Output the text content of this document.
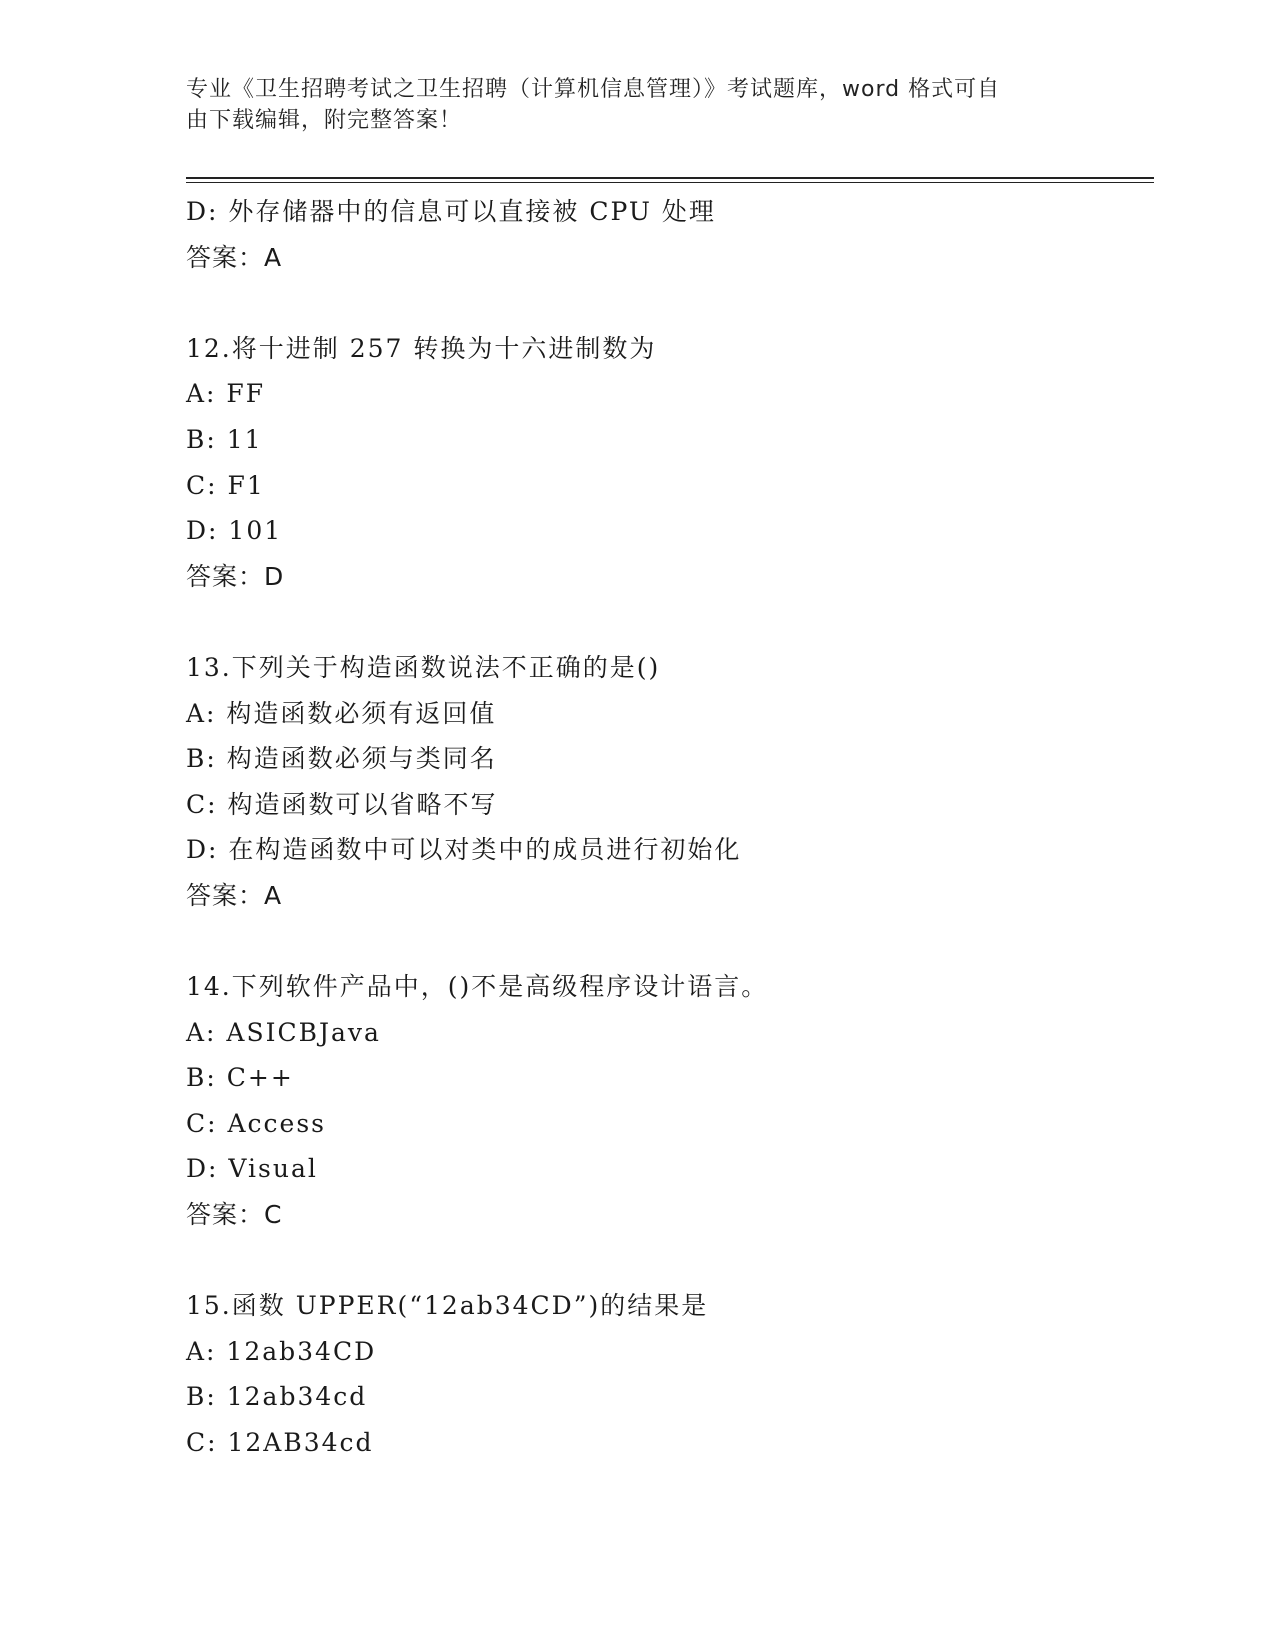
专业《卫生招聘考试之卫生招聘（计算机信息管理）》考试题库，word 格式可自
由下载编辑，附完整答案！
D: 外存储器中的信息可以直接被 CPU 处理
答案：A
12.将十进制 257 转换为十六进制数为
A: FF
B: 11
C: F1
D: 101
答案：D
13.下列关于构造函数说法不正确的是()
A: 构造函数必须有返回值
B: 构造函数必须与类同名
C: 构造函数可以省略不写
D: 在构造函数中可以对类中的成员进行初始化
答案：A
14.下列软件产品中，()不是高级程序设计语言。
A: ASICBJava
B: C++
C: Access
D: Visual
答案：C
15.函数 UPPER(“12ab34CD”)的结果是
A: 12ab34CD
B: 12ab34cd
C: 12AB34cd
